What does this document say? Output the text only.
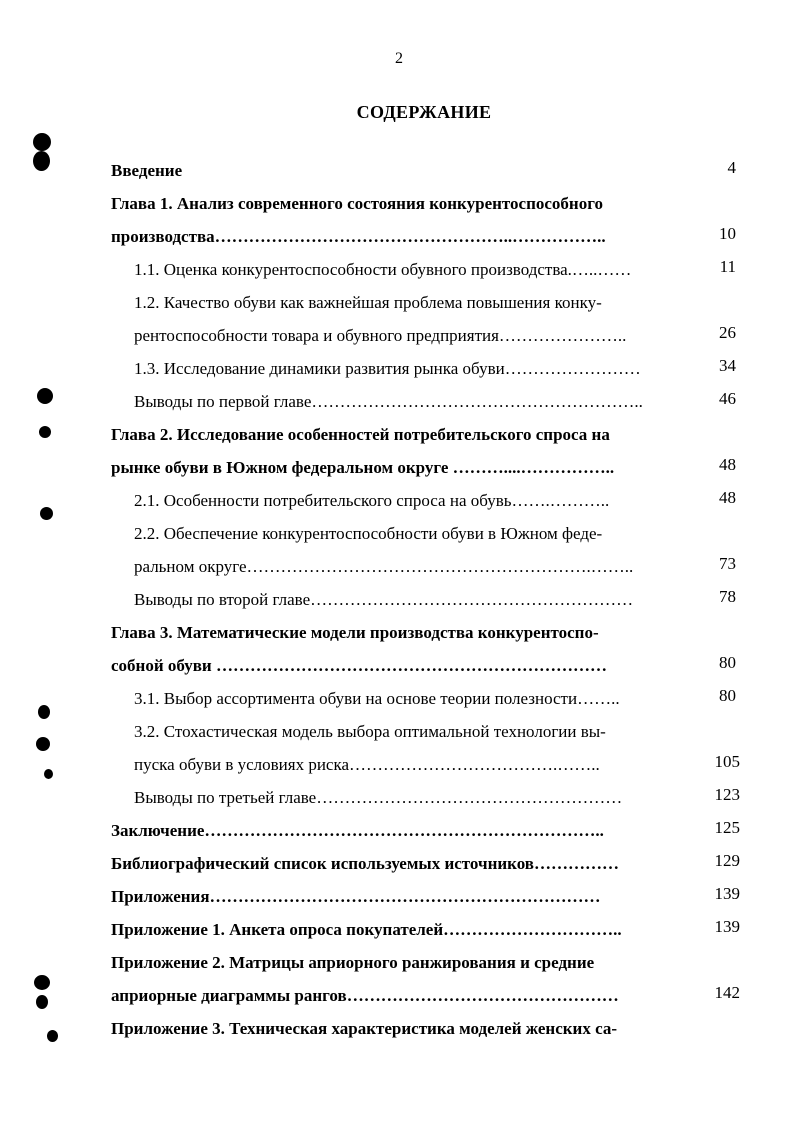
2
СОДЕРЖАНИЕ
Введение	4
Глава 1. Анализ современного состояния конкурентоспособного
производства……………………………………………..……………..	10
1.1. Оценка конкурентоспособности обувного производства.…..……	11
1.2. Качество обуви как важнейшая проблема повышения конку-
рентоспособности товара и обувного предприятия…………………..	26
1.3. Исследование динамики развития рынка обуви……………………	34
Выводы по первой главе…………………………………………………..	46
Глава 2. Исследование особенностей потребительского спроса на
рынке обуви в Южном федеральном округе ………....……………..	48
2.1. Особенности потребительского спроса на обувь…….………..	48
2.2. Обеспечение конкурентоспособности обуви в Южном феде-
ральном округе…………………………………………………….……..	73
Выводы по второй главе…………………………………………………	78
Глава 3. Математические модели производства конкурентоспо-
собной обуви ……………………………………………………………	80
3.1. Выбор ассортимента обуви на основе теории полезности……..	80
3.2. Стохастическая модель выбора оптимальной технологии вы-
пуска обуви в условиях риска……………………………….……..	105
Выводы по третьей главе………………………………………………	123
Заключение……………………………………………………………..	125
Библиографический список используемых источников……………	129
Приложения……………………………………………………………	139
Приложение 1. Анкета опроса покупателей…………………………..	139
Приложение 2. Матрицы априорного ранжирования и средние
априорные диаграммы рангов…………………………………………	142
Приложение 3. Техническая характеристика моделей женских са-
